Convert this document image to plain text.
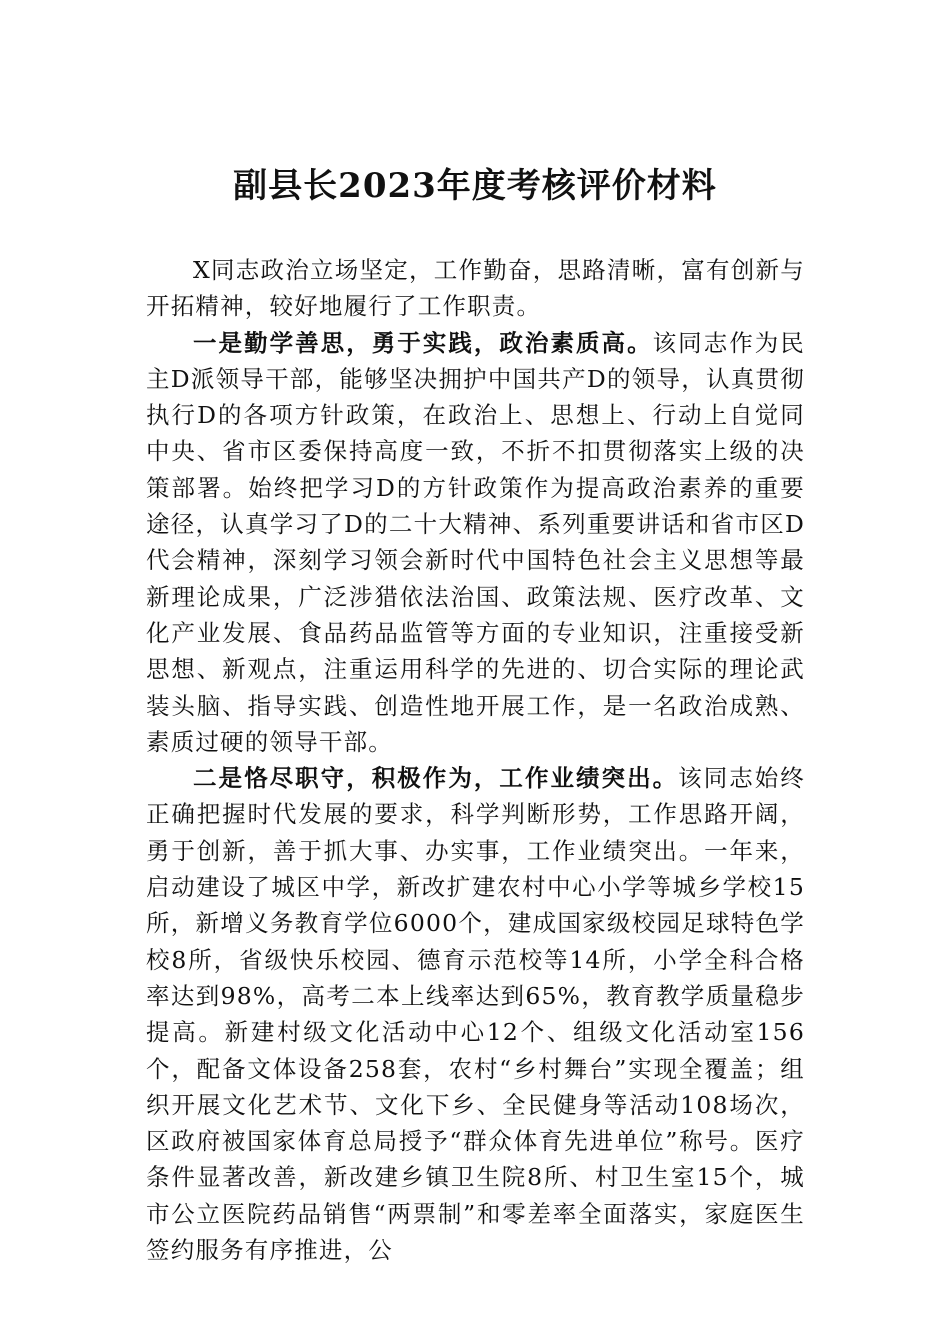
副县长2023年度考核评价材料

X同志政治立场坚定，工作勤奋，思路清晰，富有创新与开拓精神，较好地履行了工作职责。

一是勤学善思，勇于实践，政治素质高。该同志作为民主D派领导干部，能够坚决拥护中国共产D的领导，认真贯彻执行D的各项方针政策，在政治上、思想上、行动上自觉同中央、省市区委保持高度一致，不折不扣贯彻落实上级的决策部署。始终把学习D的方针政策作为提高政治素养的重要途径，认真学习了D的二十大精神、系列重要讲话和省市区D代会精神，深刻学习领会新时代中国特色社会主义思想等最新理论成果，广泛涉猎依法治国、政策法规、医疗改革、文化产业发展、食品药品监管等方面的专业知识，注重接受新思想、新观点，注重运用科学的先进的、切合实际的理论武装头脑、指导实践、创造性地开展工作，是一名政治成熟、素质过硬的领导干部。

二是恪尽职守，积极作为，工作业绩突出。该同志始终正确把握时代发展的要求，科学判断形势，工作思路开阔，勇于创新，善于抓大事、办实事，工作业绩突出。一年来，启动建设了城区中学，新改扩建农村中心小学等城乡学校15所，新增义务教育学位6000个，建成国家级校园足球特色学校8所，省级快乐校园、德育示范校等14所，小学全科合格率达到98%，高考二本上线率达到65%，教育教学质量稳步提高。新建村级文化活动中心12个、组级文化活动室156个，配备文体设备258套，农村“乡村舞台”实现全覆盖；组织开展文化艺术节、文化下乡、全民健身等活动108场次，区政府被国家体育总局授予“群众体育先进单位”称号。医疗条件显著改善，新改建乡镇卫生院8所、村卫生室15个，城市公立医院药品销售“两票制”和零差率全面落实，家庭医生签约服务有序推进，公
